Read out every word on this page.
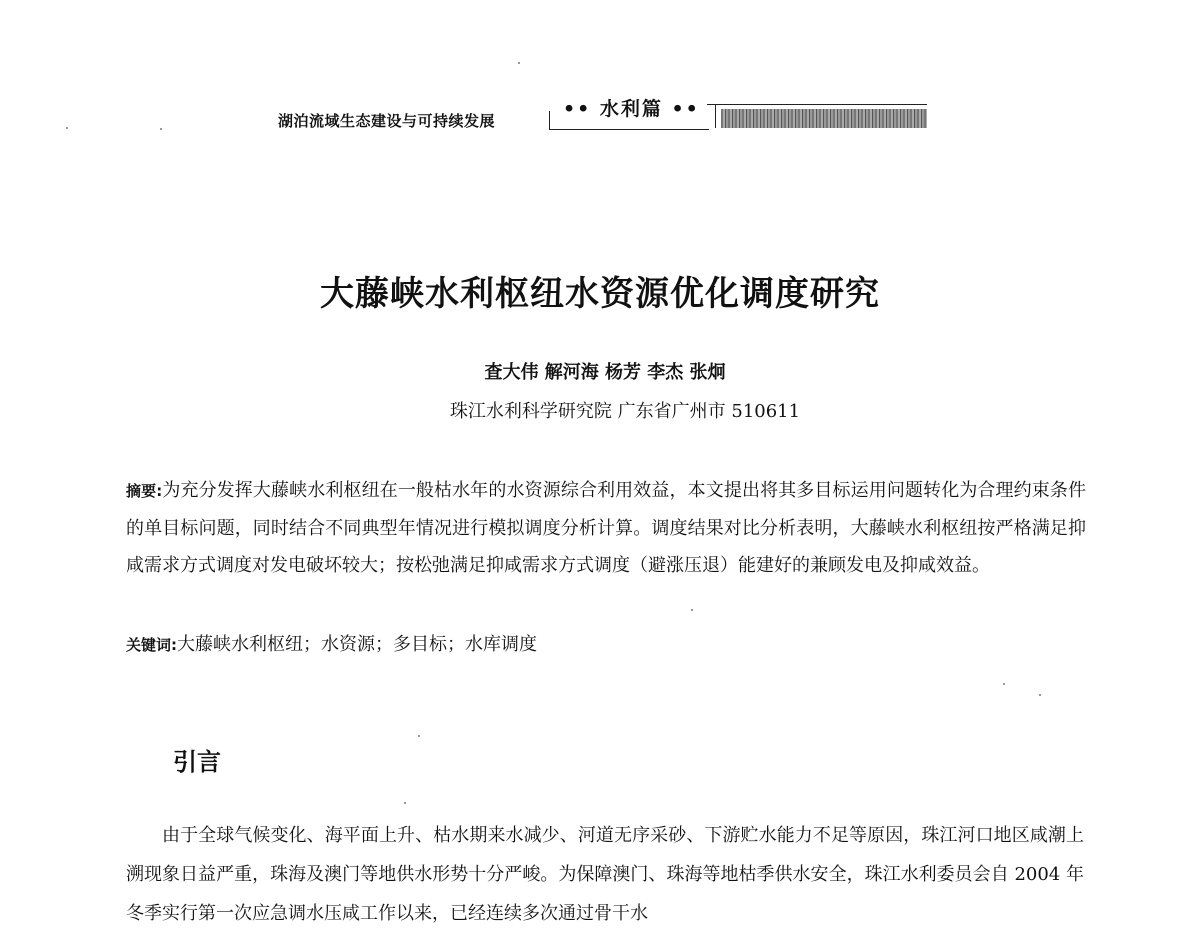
湖泊流域生态建设与可持续发展
•• 水利篇 ••
大藤峡水利枢纽水资源优化调度研究
査大伟 解河海 杨芳 李杰 张炯
珠江水利科学研究院 广东省广州市 510611
摘要:为充分发挥大藤峡水利枢纽在一般枯水年的水资源综合利用效益，本文提出将其多目标运用问题转化为合理约束条件的单目标问题，同时结合不同典型年情况进行模拟调度分析计算。调度结果对比分析表明，大藤峡水利枢纽按严格满足抑咸需求方式调度对发电破坏较大；按松弛满足抑咸需求方式调度（避涨压退）能建好的兼顾发电及抑咸效益。
关键词:大藤峡水利枢纽；水资源；多目标；水库调度
引言
由于全球气候变化、海平面上升、枯水期来水减少、河道无序采砂、下游贮水能力不足等原因，珠江河口地区咸潮上溯现象日益严重，珠海及澳门等地供水形势十分严峻。为保障澳门、珠海等地枯季供水安全，珠江水利委员会自 2004 年冬季实行第一次应急调水压咸工作以来，已经连续多次通过骨干水
